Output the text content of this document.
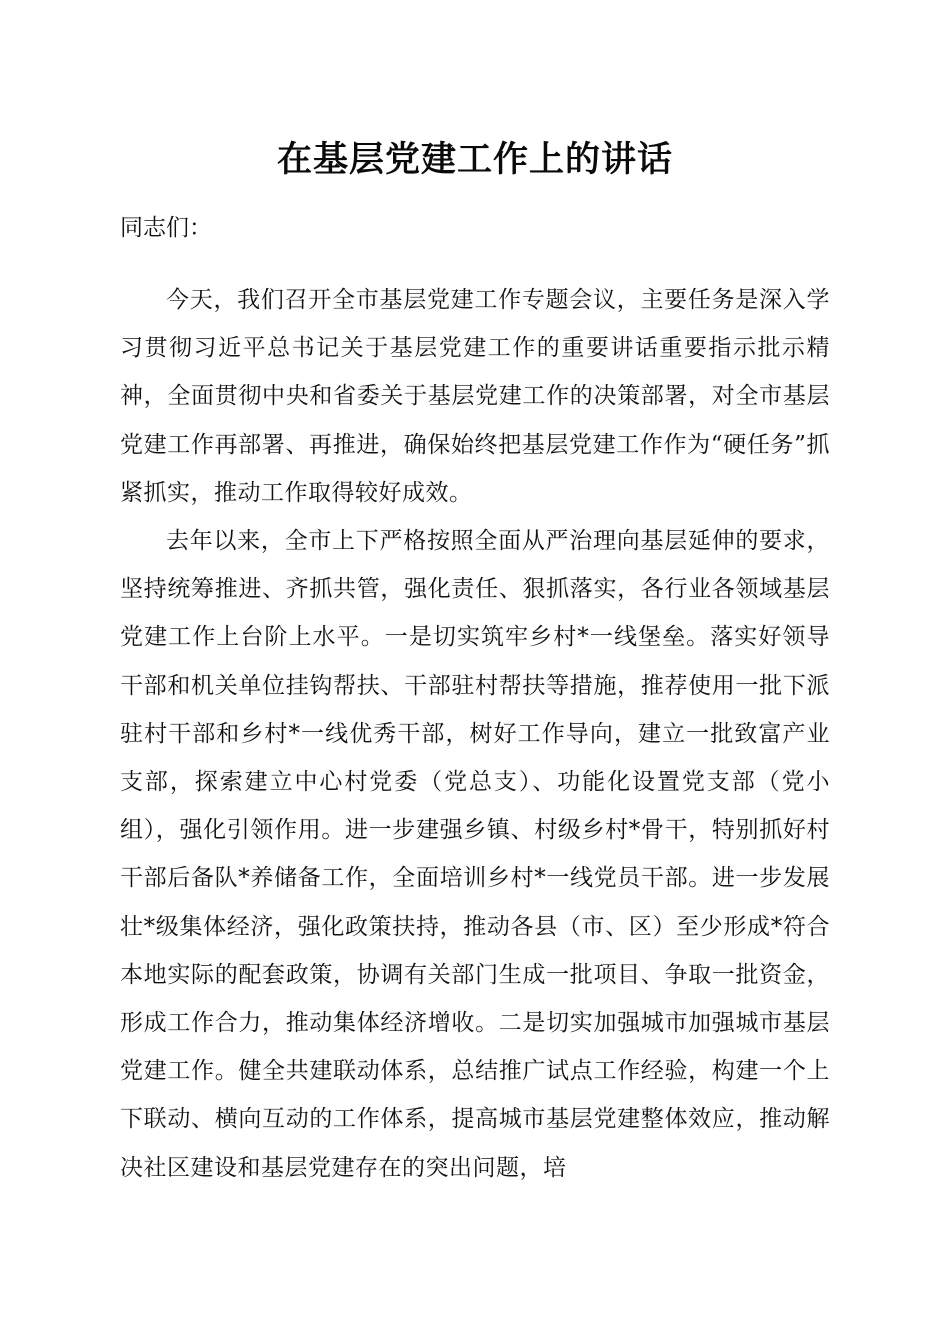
在基层党建工作上的讲话
同志们：

今天，我们召开全市基层党建工作专题会议，主要任务是深入学习贯彻习近平总书记关于基层党建工作的重要讲话重要指示批示精神，全面贯彻中央和省委关于基层党建工作的决策部署，对全市基层党建工作再部署、再推进，确保始终把基层党建工作作为“硬任务”抓紧抓实，推动工作取得较好成效。

去年以来，全市上下严格按照全面从严治理向基层延伸的要求，坚持统筹推进、齐抓共管，强化责任、狠抓落实，各行业各领域基层党建工作上台阶上水平。一是切实筑牢乡村*一线堡垒。落实好领导干部和机关单位挂钩帮扶、干部驻村帮扶等措施，推荐使用一批下派驻村干部和乡村*一线优秀干部，树好工作导向，建立一批致富产业支部，探索建立中心村党委（党总支）、功能化设置党支部（党小组），强化引领作用。进一步建强乡镇、村级乡村*骨干，特别抓好村干部后备队*养储备工作，全面培训乡村*一线党员干部。进一步发展壮*级集体经济，强化政策扶持，推动各县（市、区）至少形成*符合本地实际的配套政策，协调有关部门生成一批项目、争取一批资金，形成工作合力，推动集体经济增收。二是切实加强城市加强城市基层党建工作。健全共建联动体系，总结推广试点工作经验，构建一个上下联动、横向互动的工作体系，提高城市基层党建整体效应，推动解决社区建设和基层党建存在的突出问题，培
